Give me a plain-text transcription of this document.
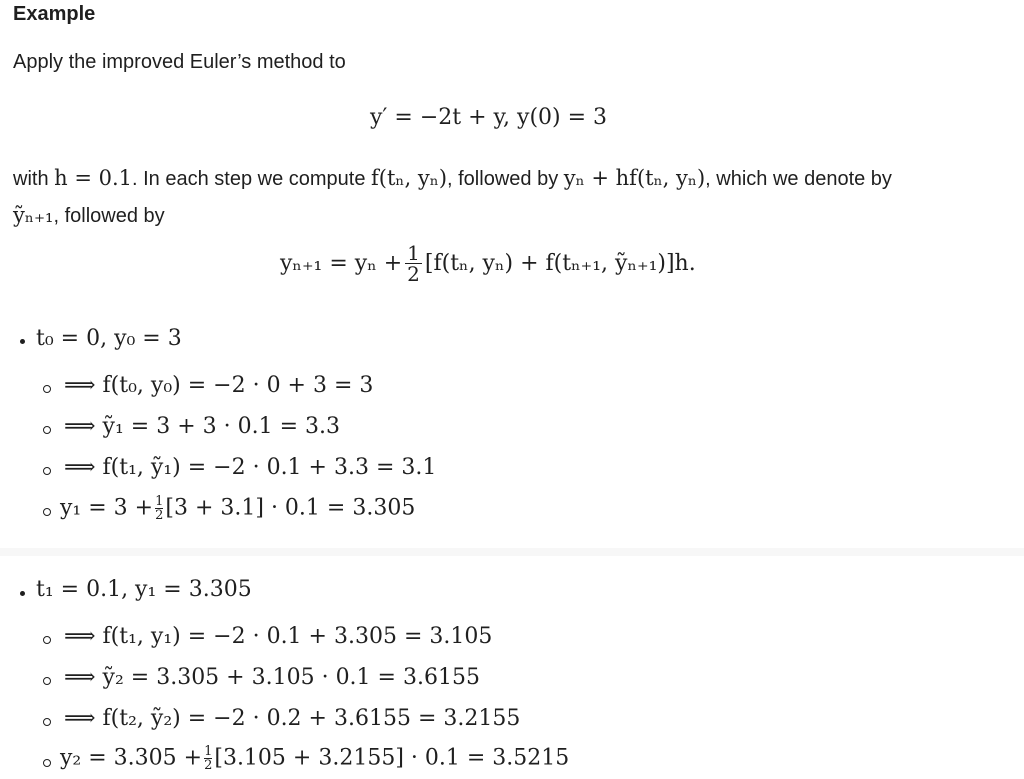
Example
Apply the improved Euler’s method to
y′ = −2t + y, y(0) = 3
with h = 0.1. In each step we compute f(tₙ, yₙ), followed by yₙ + hf(tₙ, yₙ), which we denote by
ỹₙ₊₁, followed by
$y_{n+1} = y_n + \frac{1}{2} [f(t_n$, yₙ) + f(tₙ₊₁, ỹₙ₊₁)]h.
t₀ = 0, y₀ = 3
⟹ f(t₀, y₀) = −2 · 0 + 3 = 3
⟹ ỹ₁ = 3 + 3 · 0.1 = 3.3
⟹ f(t₁, ỹ₁) = −2 · 0.1 + 3.3 = 3.1
$y_1 = 3 + \frac{1}{2} [3 + 3.1] \cdot 0.1 = 3.305$
t₁ = 0.1, y₁ = 3.305
⟹ f(t₁, y₁) = −2 · 0.1 + 3.305 = 3.105
⟹ ỹ₂ = 3.305 + 3.105 · 0.1 = 3.6155
⟹ f(t₂, ỹ₂) = −2 · 0.2 + 3.6155 = 3.2155
$y_2 = 3.305 + \frac{1}{2} [3.105 + 3.2155] \cdot 0.1 = 3.5215$
